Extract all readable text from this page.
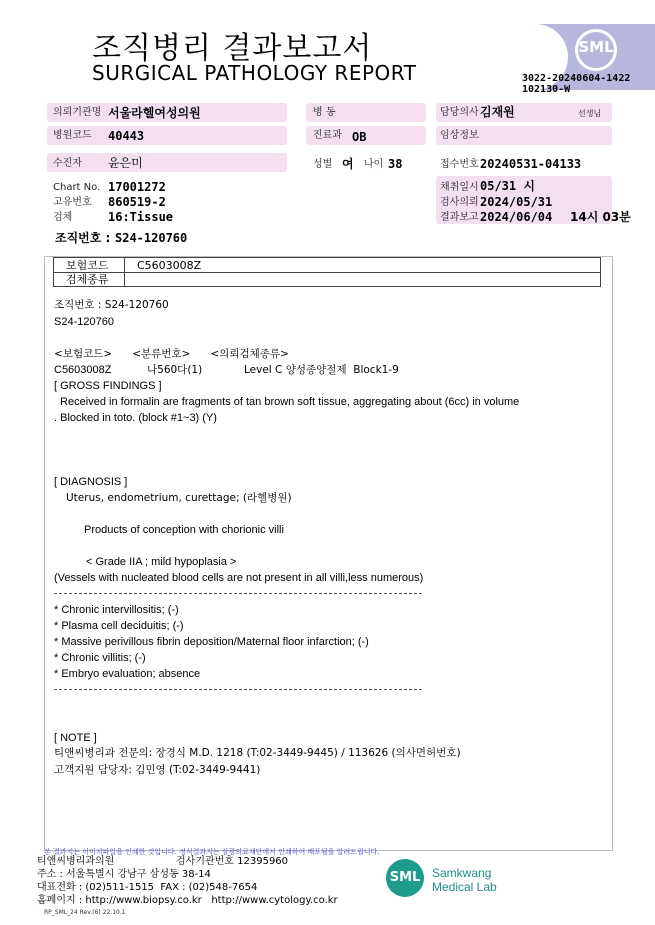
조직병리 결과보고서
SURGICAL PATHOLOGY REPORT
SML
3022-20240604-1422
102130-W
의뢰기관명 서울라헬여성의원	병 동	담당의사 김재원	선생님
병원코드 40443	진료과 OB	임상정보
수진자 윤은미	성별 여 나이 38	접수번호 20240531-04133
Chart No. 17001272
고유번호 860519-2
검체	16:Tissue
채취일시 05/31 시
검사의뢰 2024/05/31
결과보고 2024/06/04 14시 03분
조직번호 : S24-120760
보험코드	C5603008Z
검체종류
조직번호 : S24-120760
S24-120760
<보험코드>      <분류번호>      <의뢰검체종류>
C5603008Z	나560다(1)	Level C 양성종양절제  Block1-9
[ GROSS FINDINGS ]
Received in formalin are fragments of tan brown soft tissue, aggregating about (6cc) in volume
. Blocked in toto. (block #1~3) (Y)
[ DIAGNOSIS ]
Uterus, endometrium, curettage; (라헬병원)
Products of conception with chorionic villi
< Grade IIA ; mild hypoplasia >
(Vessels with nucleated blood cells are not present in all villi,less numerous)
* Chronic intervillositis; (-)
* Plasma cell deciduitis; (-)
* Massive perivillous fibrin deposition/Maternal floor infarction; (-)
* Chronic villitis; (-)
* Embryo evaluation; absence
[ NOTE ]
티앤씨병리과 전문의: 장경식 M.D. 1218 (T:02-3449-9445) / 113626 (의사면허번호)
고객지원 담당자: 김민영 (T:02-3449-9441)
본 결과지는 이미지파일을 인쇄한 것입니다. 정식결과지는 삼광의료재단에서 인쇄하여 배포됨을 알려드립니다.
티앤씨병리과의원	검사기관번호 12395960
주소 : 서울특별시 강남구 삼성동 38-14
대표전화 : (02)511-1515  FAX : (02)548-7654
홈페이지 : http://www.biopsy.co.kr   http://www.cytology.co.kr
SML Samkwang
Medical Lab
RP_SML_24 Rev.(6) 22.10.1
